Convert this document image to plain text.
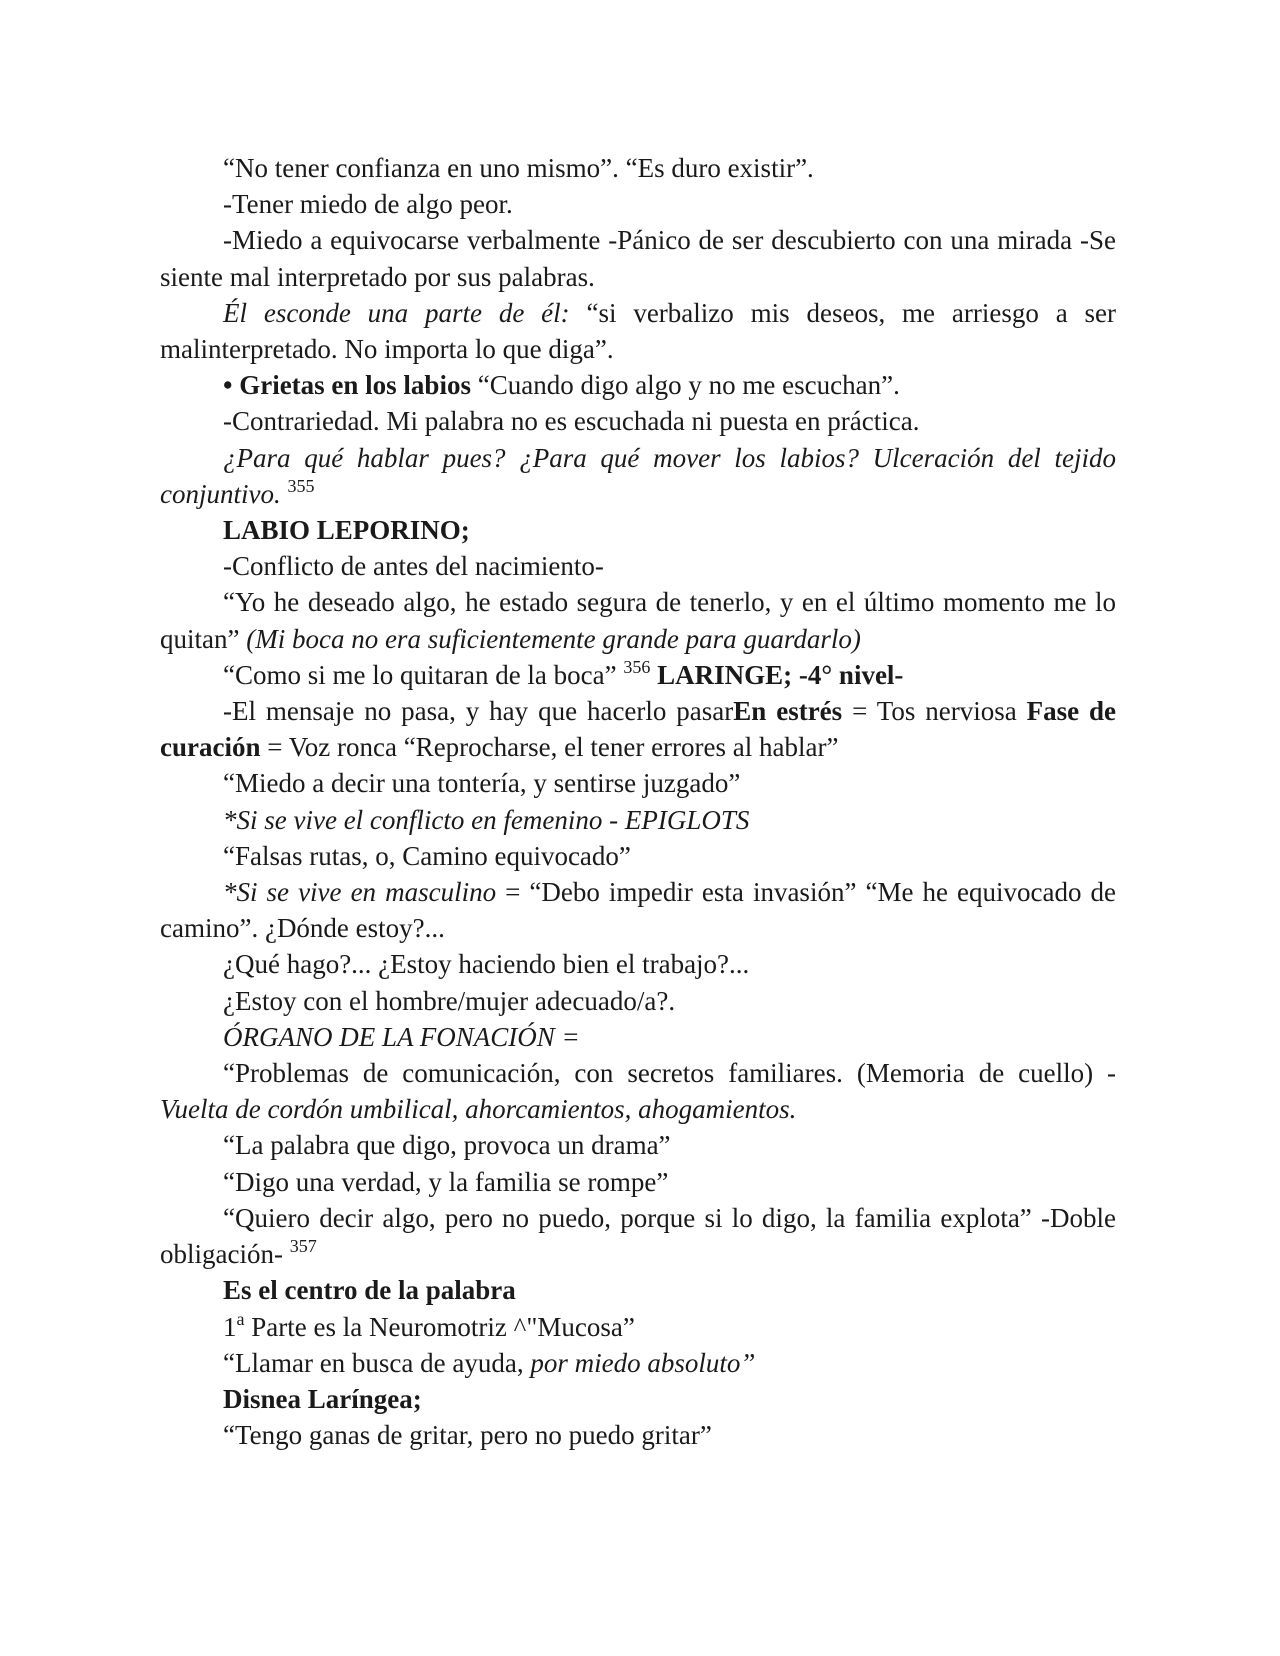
“No tener confianza en uno mismo”. “Es duro existir”.

-Tener miedo de algo peor.

-Miedo a equivocarse verbalmente -Pánico de ser descubierto con una mirada -Se siente mal interpretado por sus palabras.

Él esconde una parte de él: “si verbalizo mis deseos, me arriesgo a ser malinterpretado. No importa lo que diga”.

• Grietas en los labios “Cuando digo algo y no me escuchan”.

-Contrariedad. Mi palabra no es escuchada ni puesta en práctica.

¿Para qué hablar pues? ¿Para qué mover los labios? Ulceración del tejido conjuntivo. $^{355}$

LABIO LEPORINO;

-Conflicto de antes del nacimiento-

“Yo he deseado algo, he estado segura de tenerlo, y en el último momento me lo quitan” (Mi boca no era suficientemente grande para guardarlo)

“Como si me lo quitaran de la boca” $^{356}$ LARINGE; -4° nivel-

-El mensaje no pasa, y hay que hacerlo pasarEn estrés = Tos nerviosa Fase de curación = Voz ronca “Reprocharse, el tener errores al hablar”

“Miedo a decir una tontería, y sentirse juzgado”

*Si se vive el conflicto en femenino - EPIGLOTS

“Falsas rutas, o, Camino equivocado”

*Si se vive en masculino = “Debo impedir esta invasión” “Me he equivocado de camino”. ¿Dónde estoy?...

¿Qué hago?... ¿Estoy haciendo bien el trabajo?...

¿Estoy con el hombre/mujer adecuado/a?.

ÓRGANO DE LA FONACIÓN =

“Problemas de comunicación, con secretos familiares. (Memoria de cuello) - Vuelta de cordón umbilical, ahorcamientos, ahogamientos.

“La palabra que digo, provoca un drama”

“Digo una verdad, y la familia se rompe”

“Quiero decir algo, pero no puedo, porque si lo digo, la familia explota” -Doble obligación- $^{357}$

Es el centro de la palabra

1$^a$ Parte es la Neuromotriz ^"Mucosa”

“Llamar en busca de ayuda, por miedo absoluto”

Disnea Laríngea;

“Tengo ganas de gritar, pero no puedo gritar”
